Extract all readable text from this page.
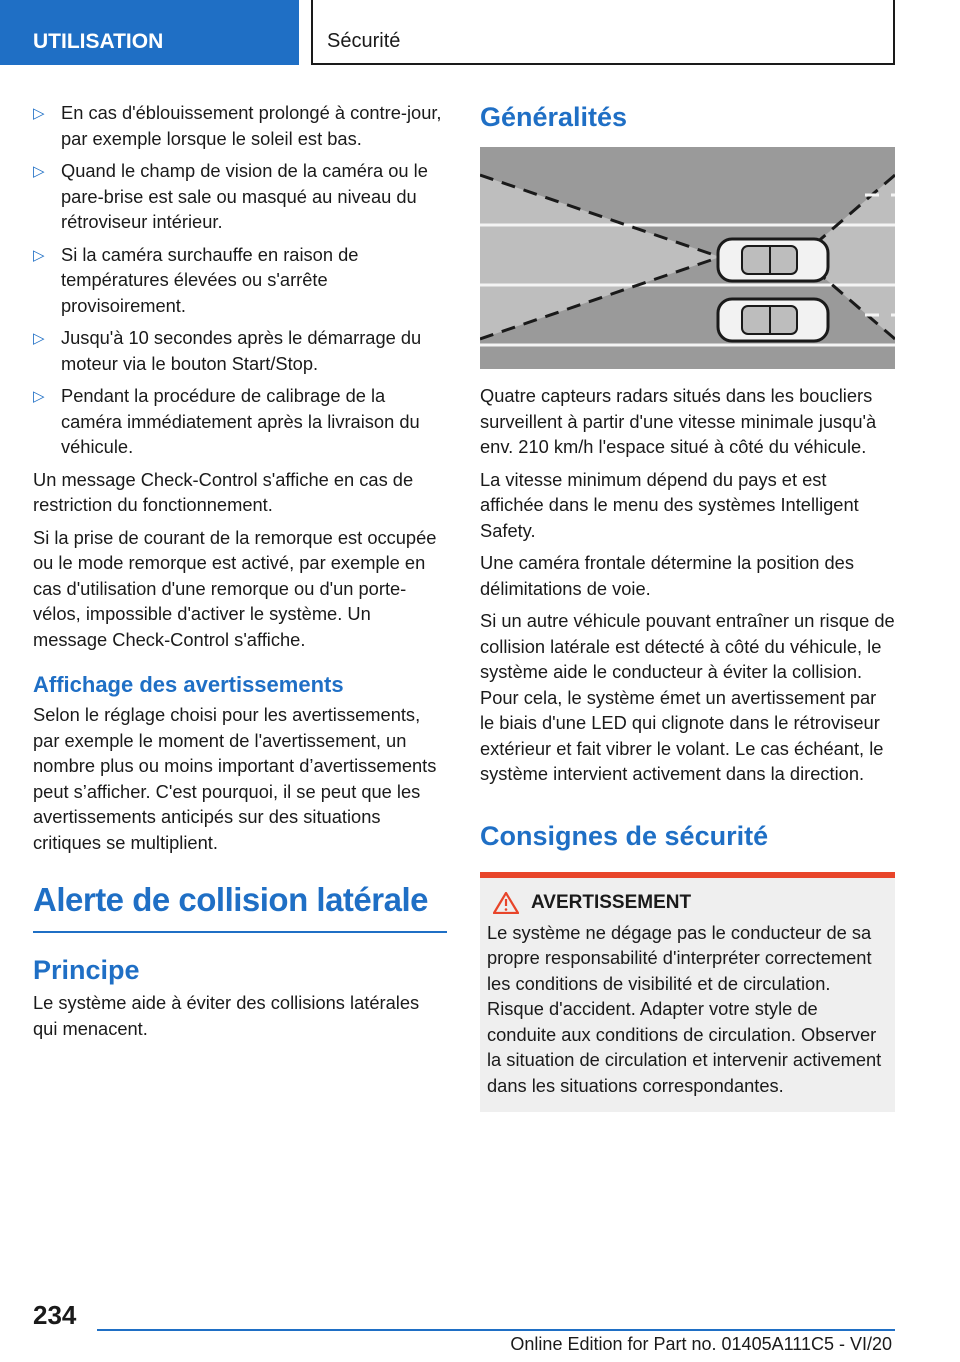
UTILISATION	Sécurité
▷ En cas d'éblouissement prolongé à contre-jour, par exemple lorsque le soleil est bas.
▷ Quand le champ de vision de la caméra ou le pare-brise est sale ou masqué au niveau du rétroviseur intérieur.
▷ Si la caméra surchauffe en raison de températures élevées ou s'arrête provisoirement.
▷ Jusqu'à 10 secondes après le démarrage du moteur via le bouton Start/Stop.
▷ Pendant la procédure de calibrage de la caméra immédiatement après la livraison du véhicule.

Un message Check-Control s'affiche en cas de restriction du fonctionnement.

Si la prise de courant de la remorque est occupée ou le mode remorque est activé, par exemple en cas d'utilisation d'une remorque ou d'un porte-vélos, impossible d'activer le système. Un message Check-Control s'affiche.

Affichage des avertissements

Selon le réglage choisi pour les avertissements, par exemple le moment de l'avertissement, un nombre plus ou moins important d’avertissements peut s’afficher. C'est pourquoi, il se peut que les avertissements anticipés sur des situations critiques se multiplient.

Alerte de collision latérale
Principe

Le système aide à éviter des collisions latérales qui menacent.

Généralités

Quatre capteurs radars situés dans les boucliers surveillent à partir d'une vitesse minimale jusqu'à env. 210 km/h l'espace situé à côté du véhicule.

La vitesse minimum dépend du pays et est affichée dans le menu des systèmes Intelligent Safety.

Une caméra frontale détermine la position des délimitations de voie.

Si un autre véhicule pouvant entraîner un risque de collision latérale est détecté à côté du véhicule, le système aide le conducteur à éviter la collision. Pour cela, le système émet un avertissement par le biais d'une LED qui clignote dans le rétroviseur extérieur et fait vibrer le volant. Le cas échéant, le système intervient activement dans la direction.

Consignes de sécurité
AVERTISSEMENT

Le système ne dégage pas le conducteur de sa propre responsabilité d'interpréter correctement les conditions de visibilité et de circulation. Risque d'accident. Adapter votre style de conduite aux conditions de circulation. Observer la situation de circulation et intervenir activement dans les situations correspondantes.

234
Online Edition for Part no. 01405A111C5 - VI/20
